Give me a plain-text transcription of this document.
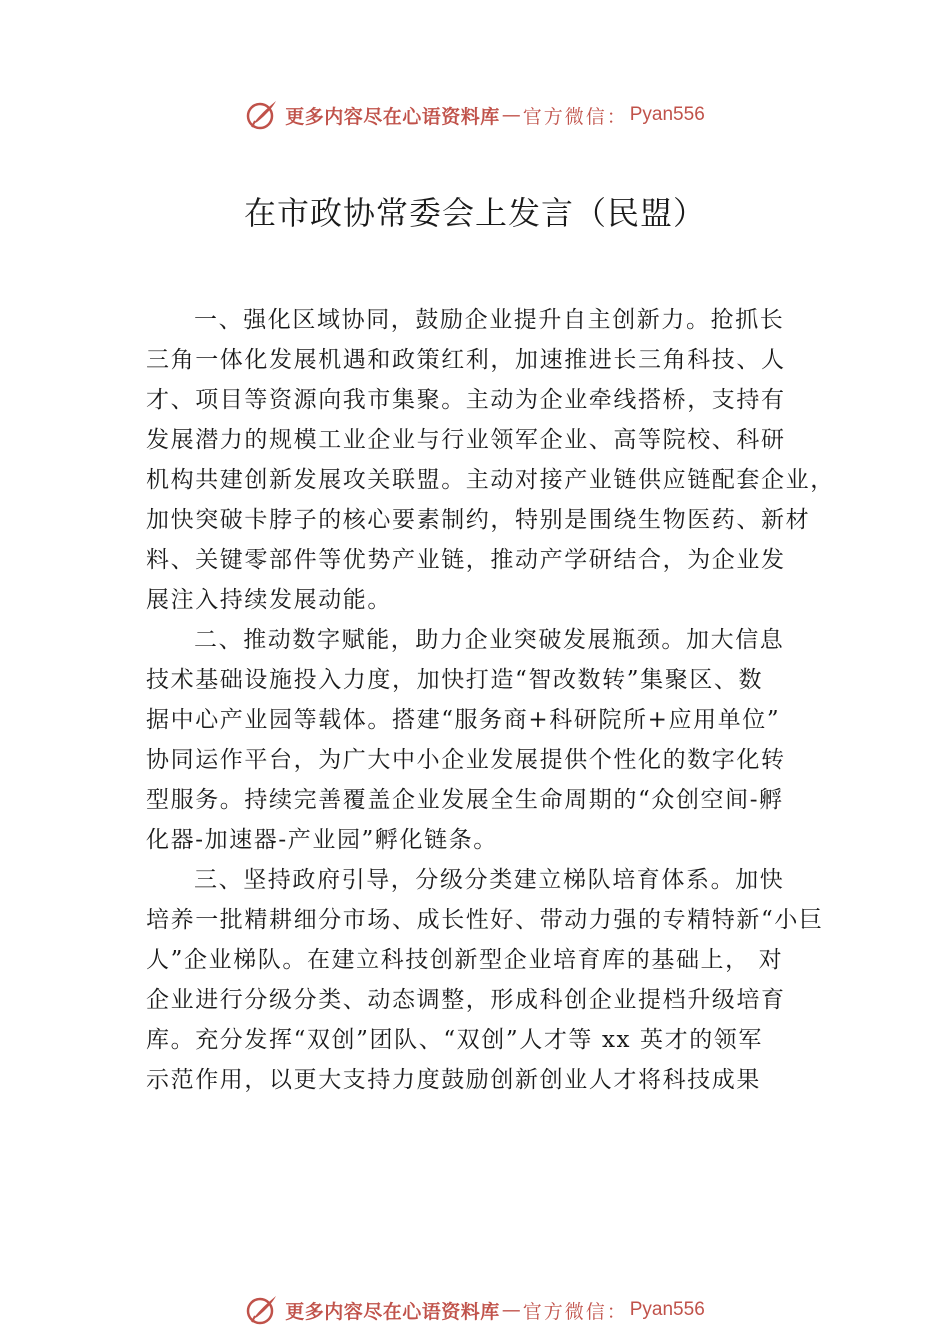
更多内容尽在心语资料库 — 官方微信： Pyan556
在市政协常委会上发言（民盟）
一、强化区域协同，鼓励企业提升自主创新力。抢抓长
三角一体化发展机遇和政策红利，加速推进长三角科技、人
才、项目等资源向我市集聚。主动为企业牵线搭桥，支持有
发展潜力的规模工业企业与行业领军企业、高等院校、科研
机构共建创新发展攻关联盟。主动对接产业链供应链配套企业，
加快突破卡脖子的核心要素制约，特别是围绕生物医药、新材
料、关键零部件等优势产业链，推动产学研结合，为企业发
展注入持续发展动能。
二、推动数字赋能，助力企业突破发展瓶颈。加大信息
技术基础设施投入力度，加快打造“智改数转”集聚区、数
据中心产业园等载体。搭建“服务商+科研院所+应用单位”
协同运作平台，为广大中小企业发展提供个性化的数字化转
型服务。持续完善覆盖企业发展全生命周期的“众创空间-孵
化器-加速器-产业园”孵化链条。
三、坚持政府引导，分级分类建立梯队培育体系。加快
培养一批精耕细分市场、成长性好、带动力强的专精特新“小巨
人”企业梯队。在建立科技创新型企业培育库的基础上， 对
企业进行分级分类、动态调整，形成科创企业提档升级培育
库。充分发挥“双创”团队、“双创”人才等 xx 英才的领军
示范作用，以更大支持力度鼓励创新创业人才将科技成果
更多内容尽在心语资料库 — 官方微信： Pyan556
